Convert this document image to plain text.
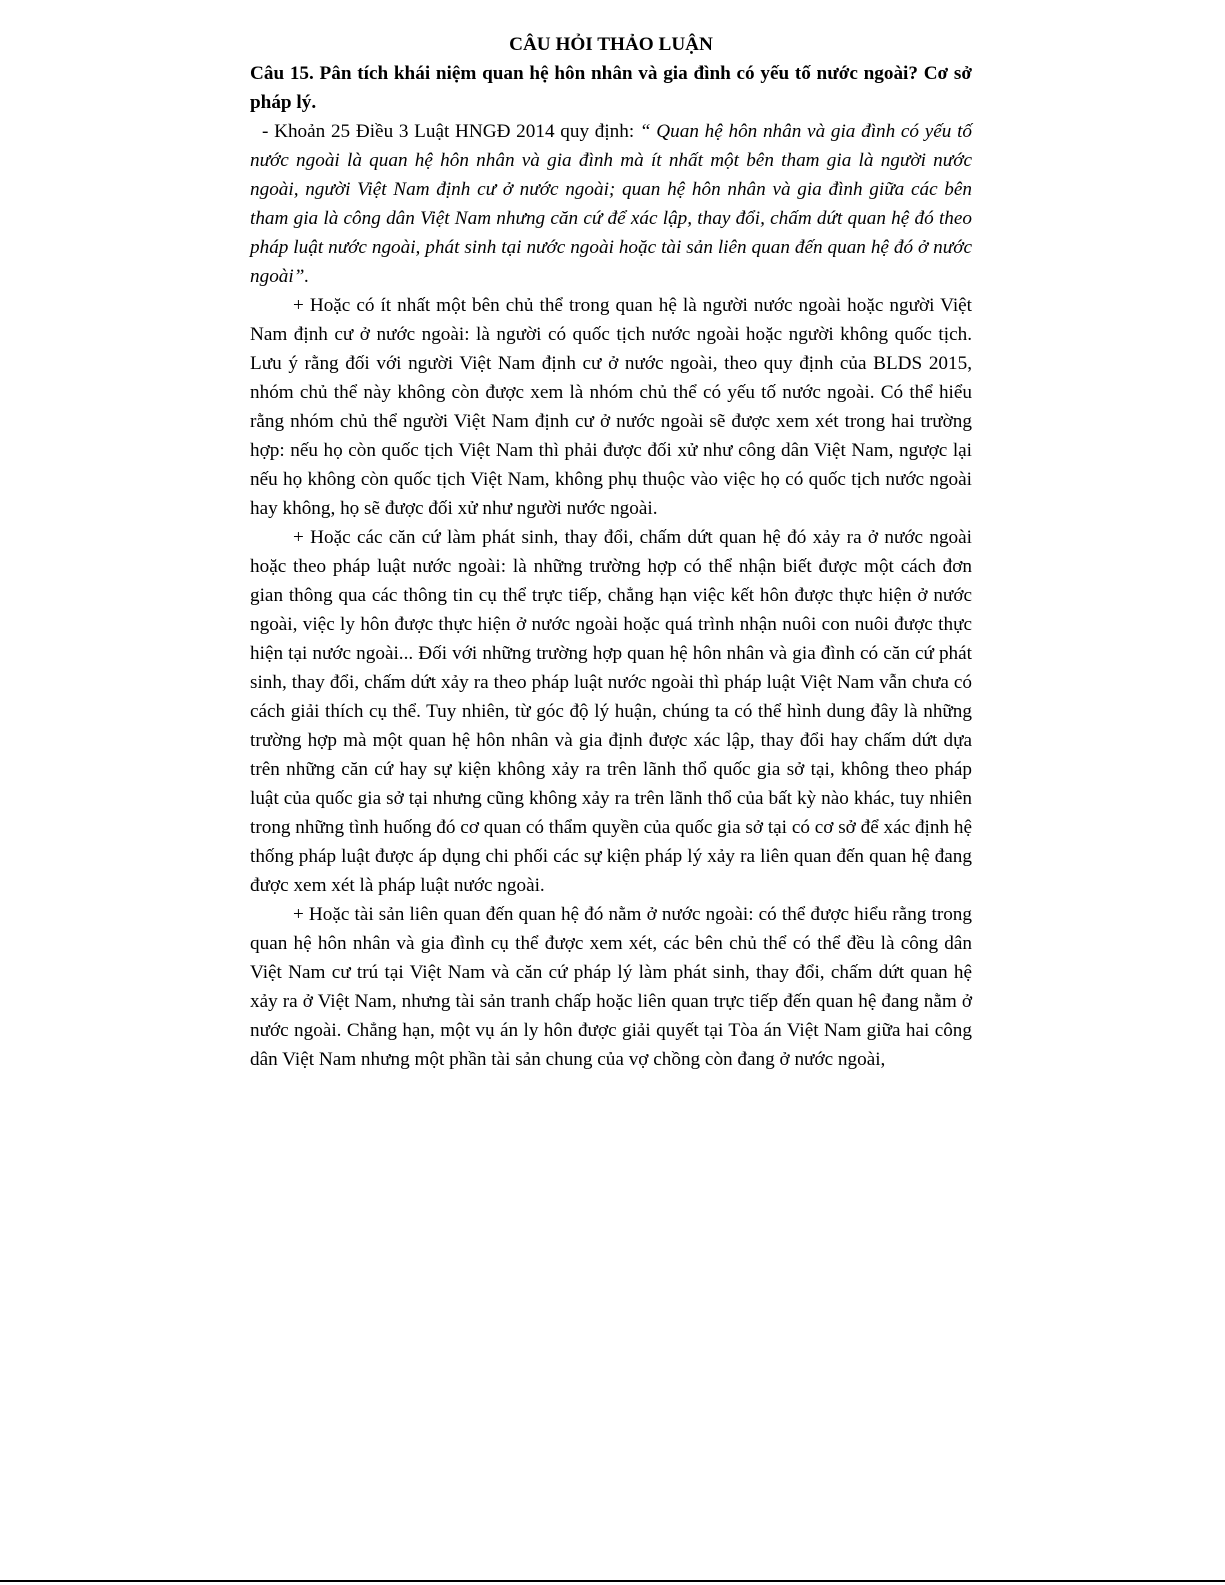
CÂU HỎI THẢO LUẬN

Câu 15. Pân tích khái niệm quan hệ hôn nhân và gia đình có yếu tố nước ngoài? Cơ sở pháp lý.

- Khoản 25 Điều 3 Luật HNGĐ 2014 quy định: “ Quan hệ hôn nhân và gia đình có yếu tố nước ngoài là quan hệ hôn nhân và gia đình mà ít nhất một bên tham gia là người nước ngoài, người Việt Nam định cư ở nước ngoài; quan hệ hôn nhân và gia đình giữa các bên tham gia là công dân Việt Nam nhưng căn cứ để xác lập, thay đổi, chấm dứt quan hệ đó theo pháp luật nước ngoài, phát sinh tại nước ngoài hoặc tài sản liên quan đến quan hệ đó ở nước ngoài”.

+ Hoặc có ít nhất một bên chủ thể trong quan hệ là người nước ngoài hoặc người Việt Nam định cư ở nước ngoài: là người có quốc tịch nước ngoài hoặc người không quốc tịch. Lưu ý rằng đối với người Việt Nam định cư ở nước ngoài, theo quy định của BLDS 2015, nhóm chủ thể này không còn được xem là nhóm chủ thể có yếu tố nước ngoài. Có thể hiểu rằng nhóm chủ thể người Việt Nam định cư ở nước ngoài sẽ được xem xét trong hai trường hợp: nếu họ còn quốc tịch Việt Nam thì phải được đối xử như công dân Việt Nam, ngược lại nếu họ không còn quốc tịch Việt Nam, không phụ thuộc vào việc họ có quốc tịch nước ngoài hay không, họ sẽ được đối xử như người nước ngoài.

+ Hoặc các căn cứ làm phát sinh, thay đổi, chấm dứt quan hệ đó xảy ra ở nước ngoài hoặc theo pháp luật nước ngoài: là những trường hợp có thể nhận biết được một cách đơn gian thông qua các thông tin cụ thể trực tiếp, chẳng hạn việc kết hôn được thực hiện ở nước ngoài, việc ly hôn được thực hiện ở nước ngoài hoặc quá trình nhận nuôi con nuôi được thực hiện tại nước ngoài... Đối với những trường hợp quan hệ hôn nhân và gia đình có căn cứ phát sinh, thay đổi, chấm dứt xảy ra theo pháp luật nước ngoài thì pháp luật Việt Nam vẫn chưa có cách giải thích cụ thể. Tuy nhiên, từ góc độ lý huận, chúng ta có thể hình dung đây là những trường hợp mà một quan hệ hôn nhân và gia định được xác lập, thay đổi hay chấm dứt dựa trên những căn cứ hay sự kiện không xảy ra trên lãnh thổ quốc gia sở tại, không theo pháp luật của quốc gia sở tại nhưng cũng không xảy ra trên lãnh thổ của bất kỳ nào khác, tuy nhiên trong những tình huống đó cơ quan có thẩm quyền của quốc gia sở tại có cơ sở để xác định hệ thống pháp luật được áp dụng chi phối các sự kiện pháp lý xảy ra liên quan đến quan hệ đang được xem xét là pháp luật nước ngoài.

+ Hoặc tài sản liên quan đến quan hệ đó nằm ở nước ngoài: có thể được hiểu rằng trong quan hệ hôn nhân và gia đình cụ thể được xem xét, các bên chủ thể có thể đều là công dân Việt Nam cư trú tại Việt Nam và căn cứ pháp lý làm phát sinh, thay đổi, chấm dứt quan hệ xảy ra ở Việt Nam, nhưng tài sản tranh chấp hoặc liên quan trực tiếp đến quan hệ đang nằm ở nước ngoài. Chẳng hạn, một vụ án ly hôn được giải quyết tại Tòa án Việt Nam giữa hai công dân Việt Nam nhưng một phần tài sản chung của vợ chồng còn đang ở nước ngoài,
